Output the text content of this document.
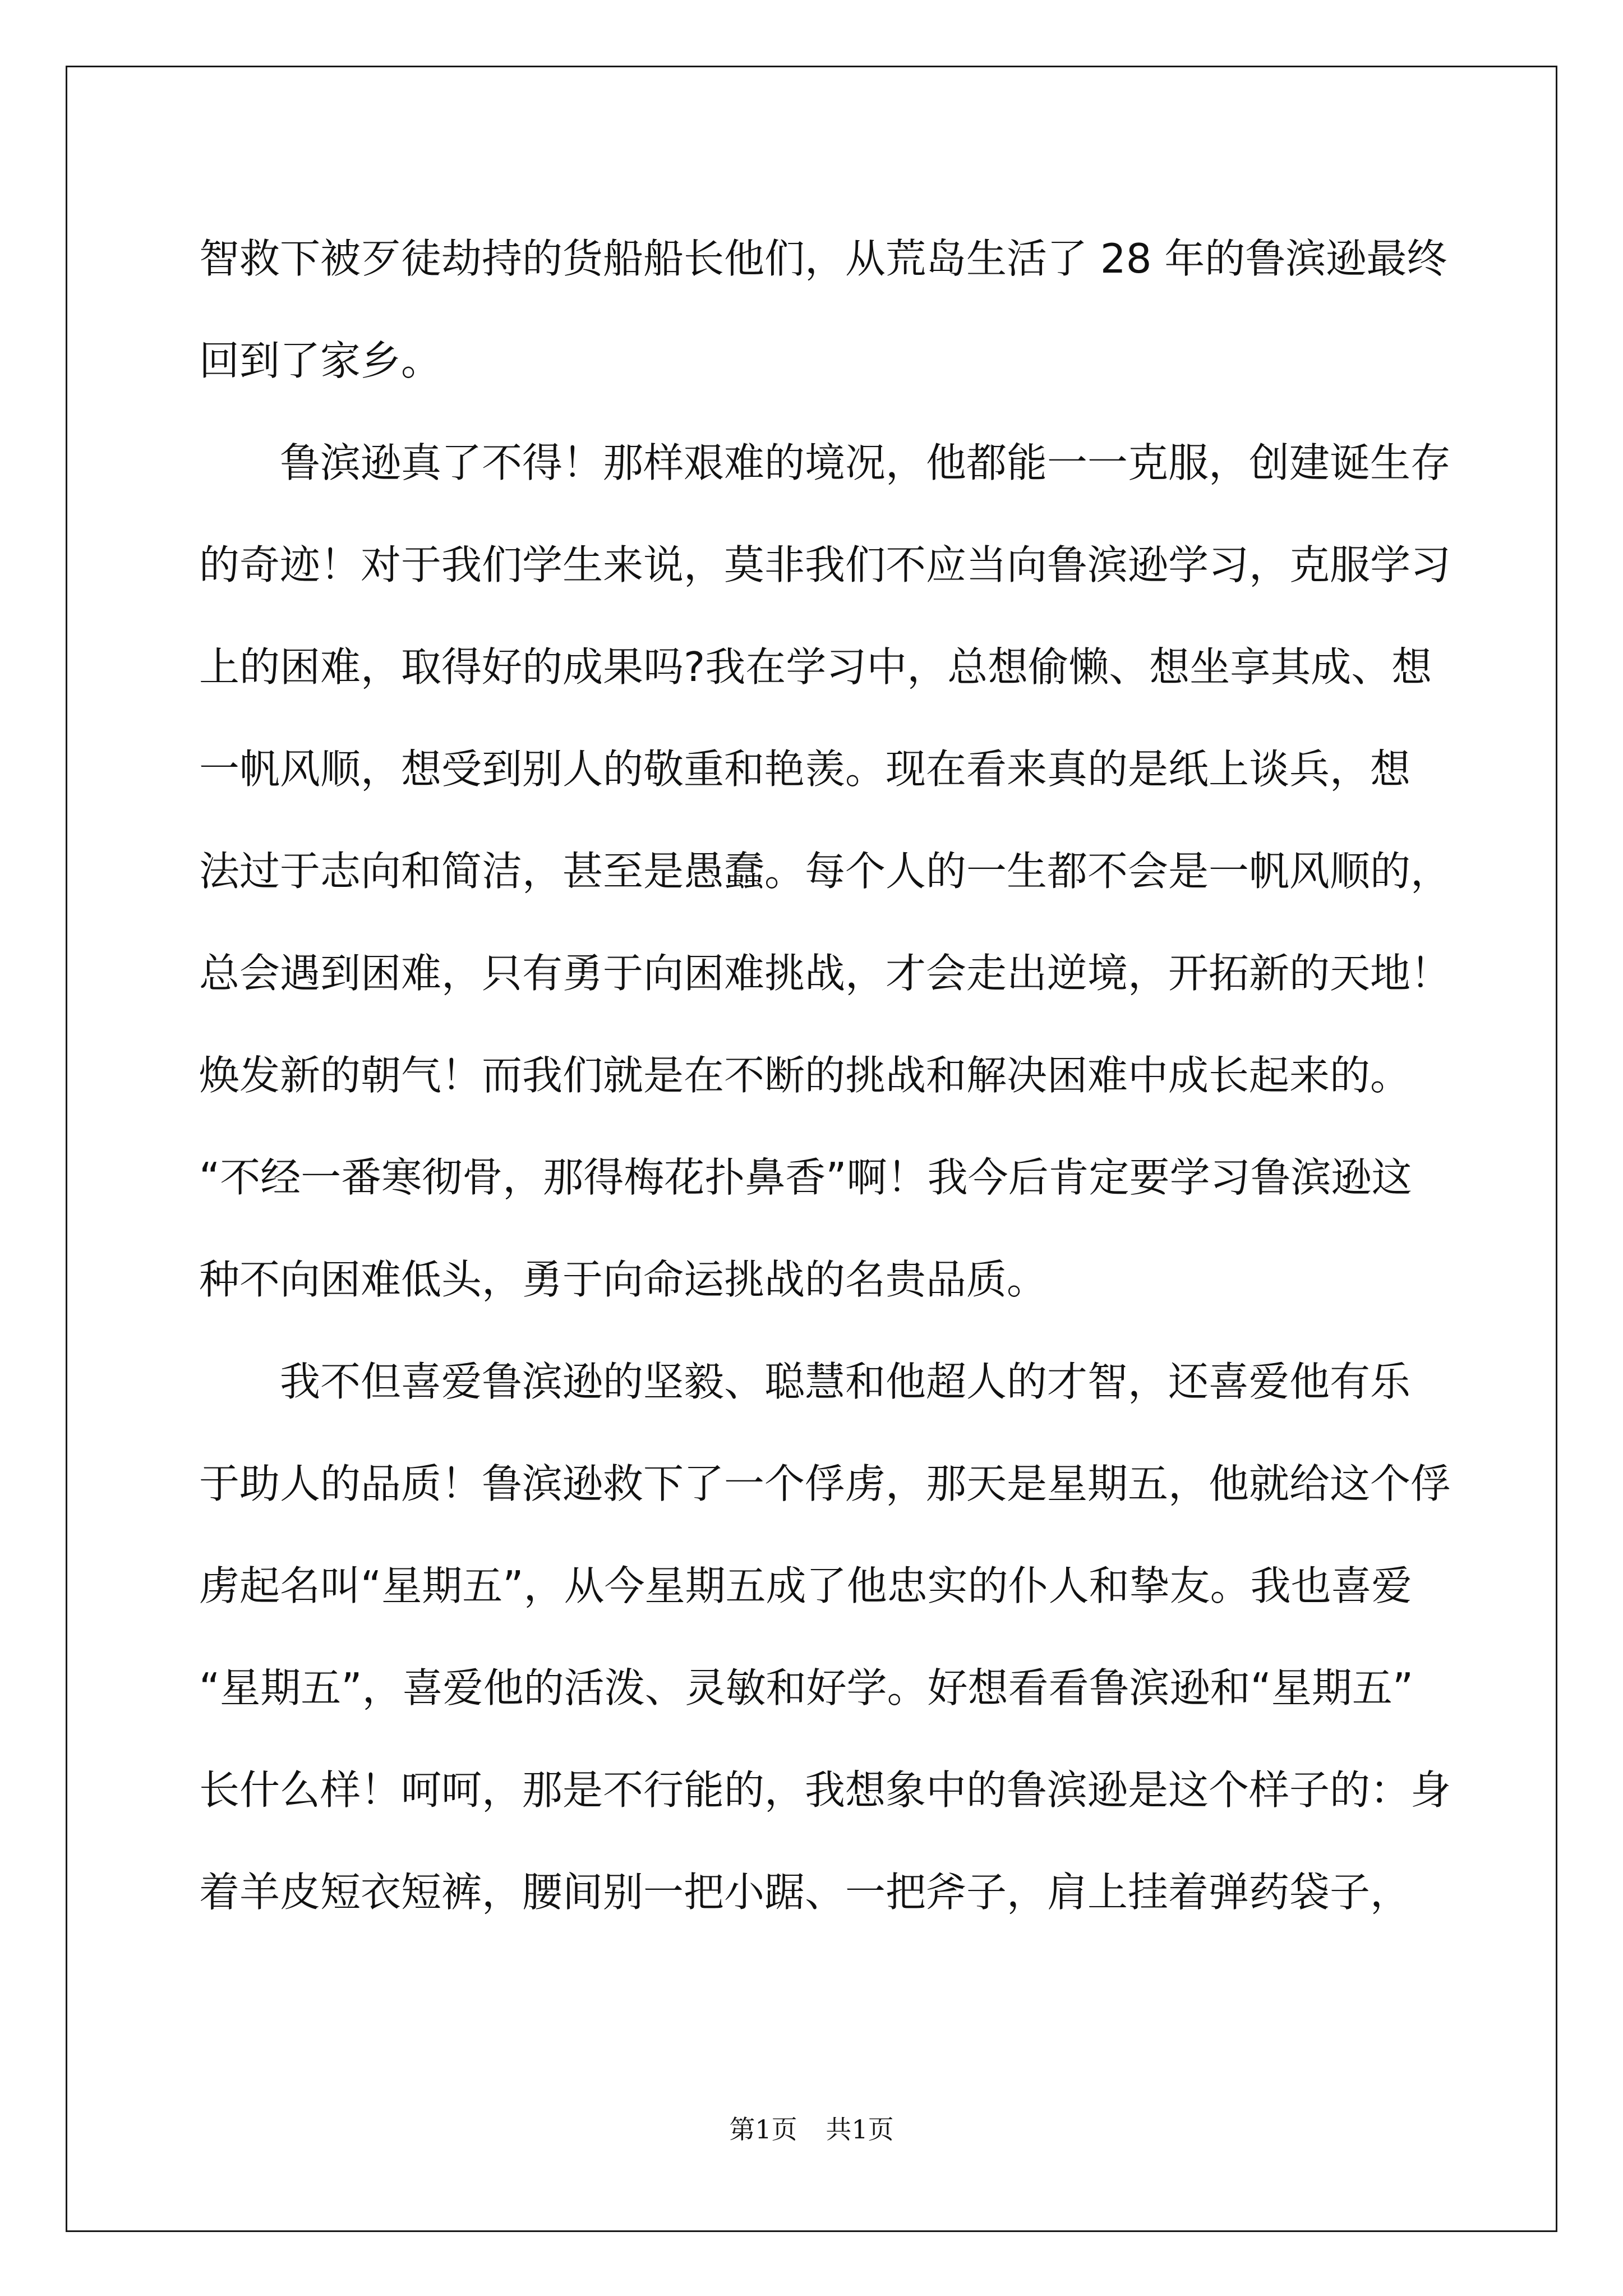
智救下被歹徒劫持的货船船长他们，从荒岛生活了 28 年的鲁滨逊最终
回到了家乡。
　　鲁滨逊真了不得！那样艰难的境况，他都能一一克服，创建诞生存
的奇迹！对于我们学生来说，莫非我们不应当向鲁滨逊学习，克服学习
上的困难，取得好的成果吗?我在学习中，总想偷懒、想坐享其成、想
一帆风顺，想受到别人的敬重和艳羡。现在看来真的是纸上谈兵，想
法过于志向和简洁，甚至是愚蠢。每个人的一生都不会是一帆风顺的，
总会遇到困难，只有勇于向困难挑战，才会走出逆境，开拓新的天地！
焕发新的朝气！而我们就是在不断的挑战和解决困难中成长起来的。
“不经一番寒彻骨，那得梅花扑鼻香”啊！我今后肯定要学习鲁滨逊这
种不向困难低头，勇于向命运挑战的名贵品质。
　　我不但喜爱鲁滨逊的坚毅、聪慧和他超人的才智，还喜爱他有乐
于助人的品质！鲁滨逊救下了一个俘虏，那天是星期五，他就给这个俘
虏起名叫“星期五”，从今星期五成了他忠实的仆人和挚友。我也喜爱
“星期五”，喜爱他的活泼、灵敏和好学。好想看看鲁滨逊和“星期五”
长什么样！呵呵，那是不行能的，我想象中的鲁滨逊是这个样子的：身
着羊皮短衣短裤，腰间别一把小踞、一把斧子，肩上挂着弹药袋子，
第1页 共1页
